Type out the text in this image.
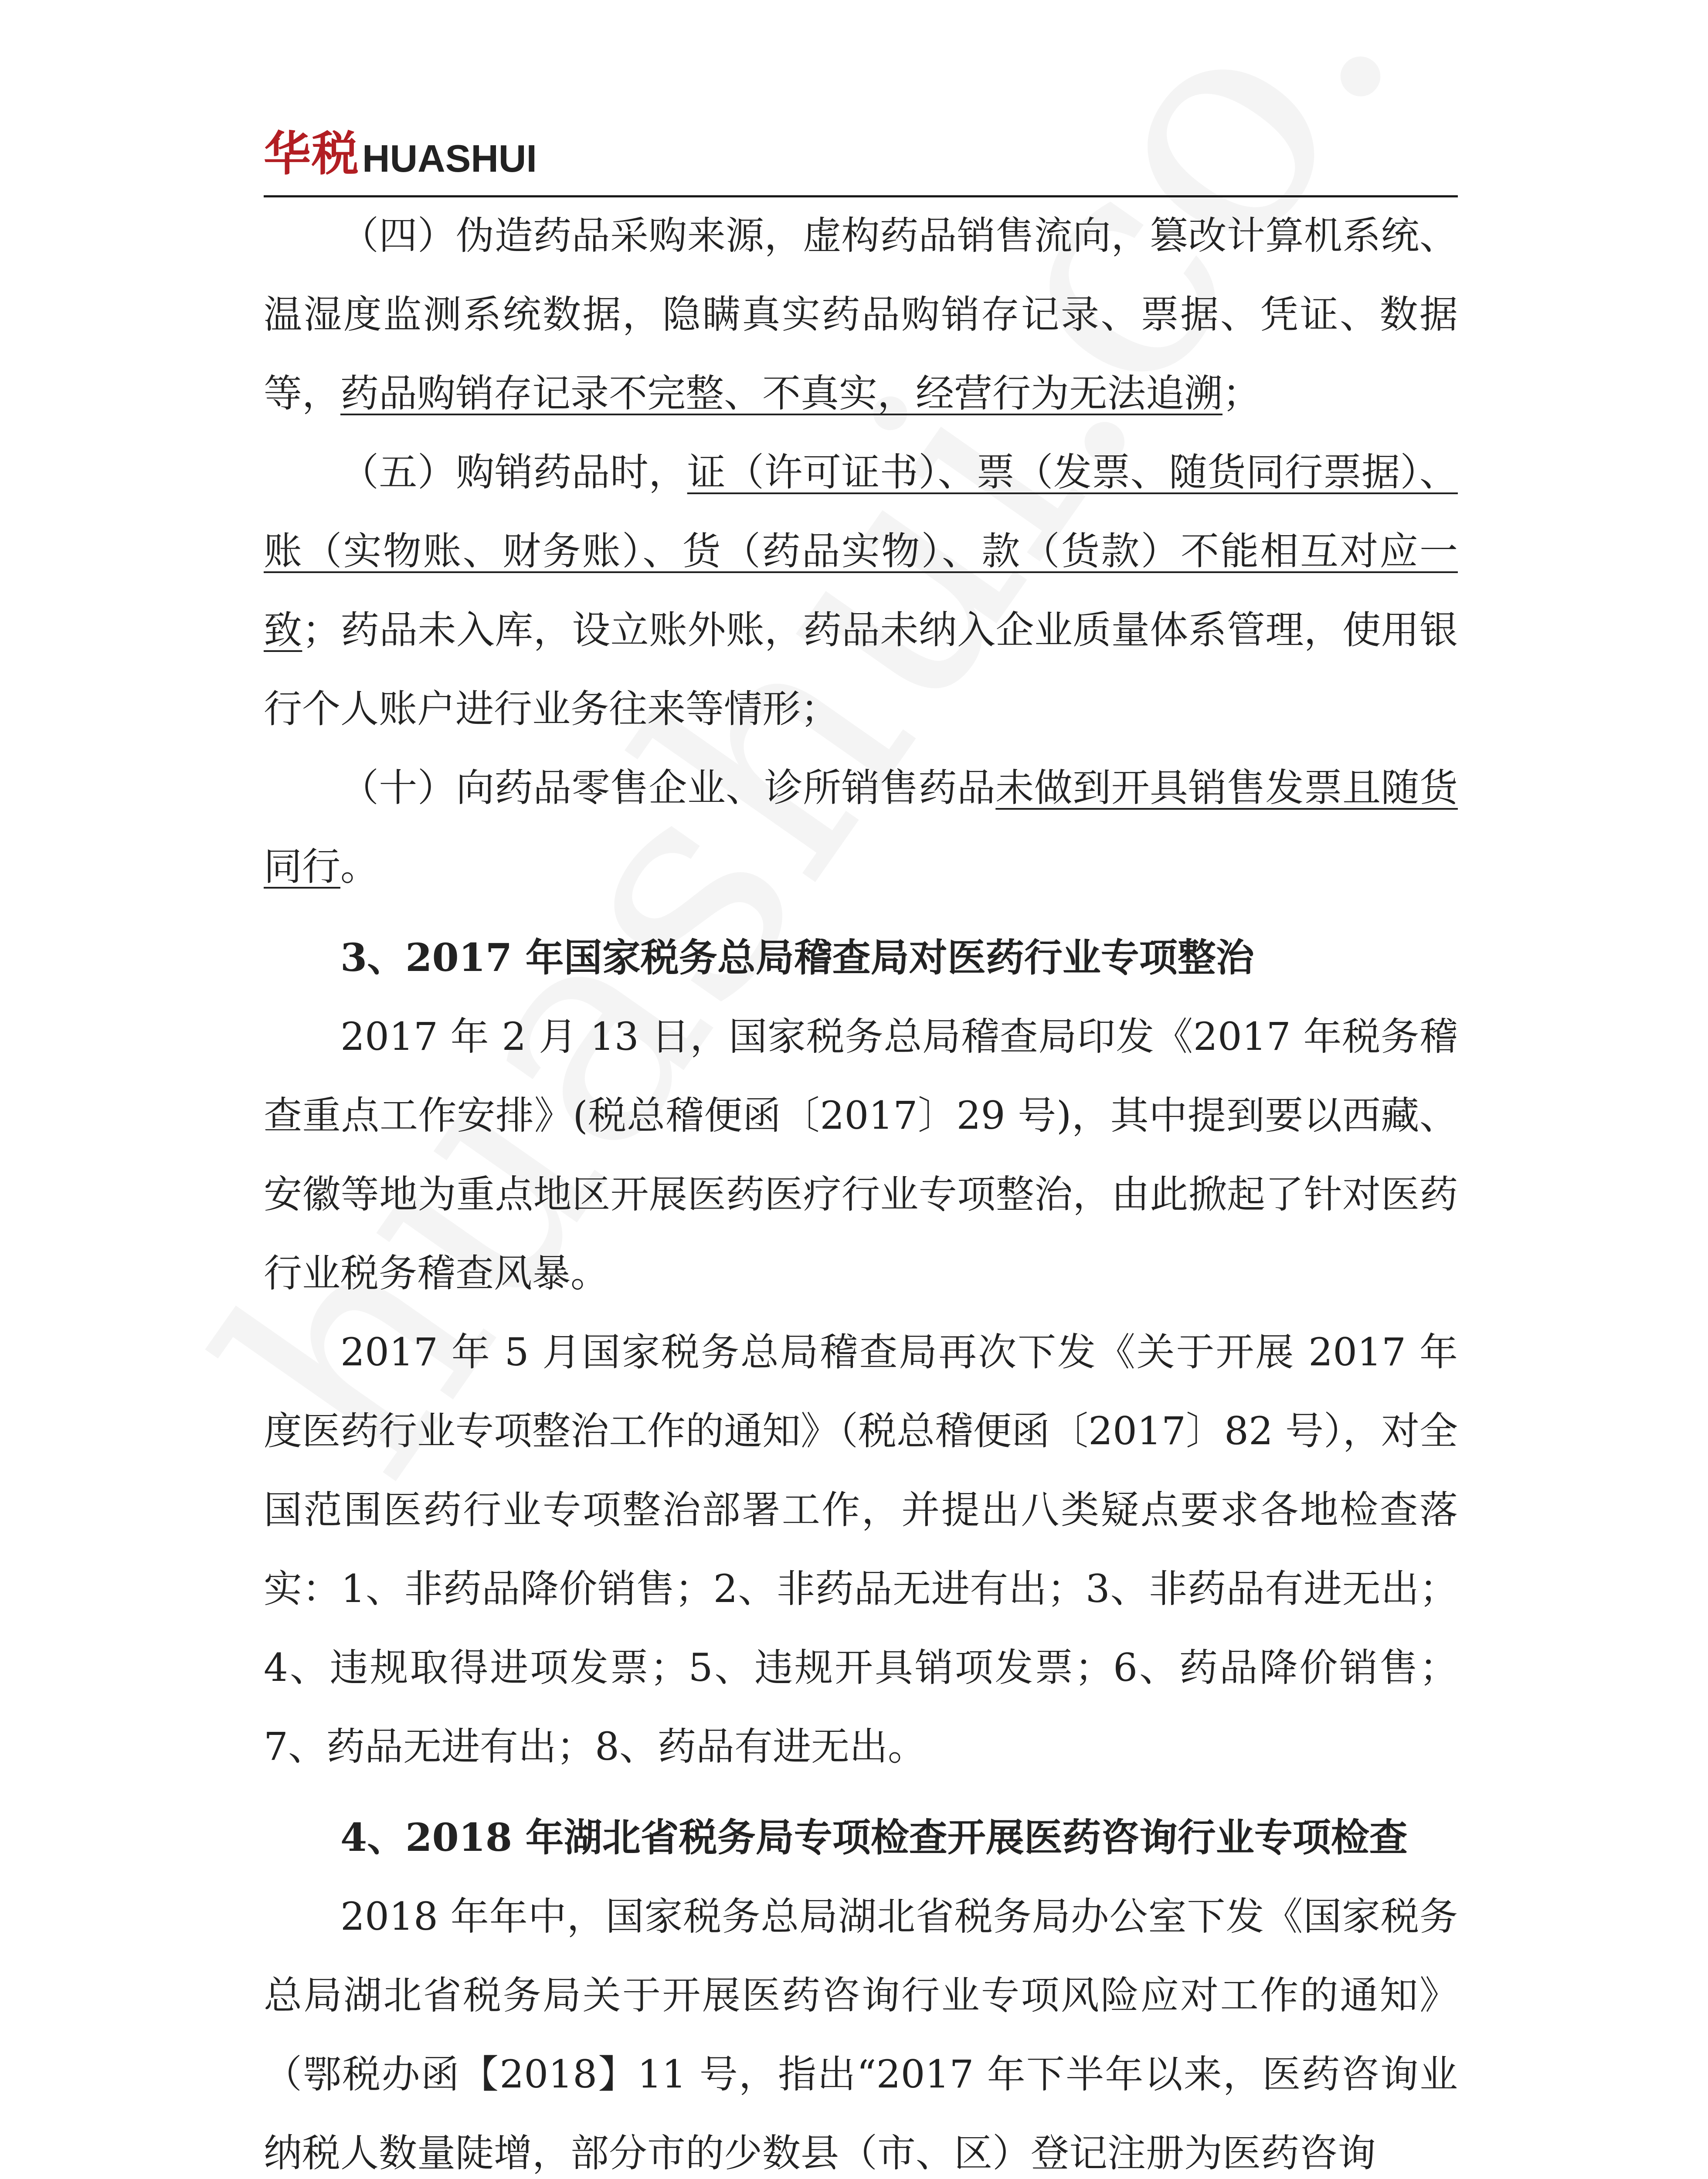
华税 HUASHUI

（四）伪造药品采购来源，虚构药品销售流向，篡改计算机系统、温湿度监测系统数据，隐瞒真实药品购销存记录、票据、凭证、数据等，药品购销存记录不完整、不真实，经营行为无法追溯；

（五）购销药品时，证（许可证书）、票（发票、随货同行票据）、账（实物账、财务账）、货（药品实物）、款（货款）不能相互对应一致；药品未入库，设立账外账，药品未纳入企业质量体系管理，使用银行个人账户进行业务往来等情形；

（十）向药品零售企业、诊所销售药品未做到开具销售发票且随货同行。

3、2017 年国家税务总局稽查局对医药行业专项整治

2017 年 2 月 13 日，国家税务总局稽查局印发《2017 年税务稽查重点工作安排》(税总稽便函〔2017〕29 号)，其中提到要以西藏、安徽等地为重点地区开展医药医疗行业专项整治，由此掀起了针对医药行业税务稽查风暴。

2017 年 5 月国家税务总局稽查局再次下发《关于开展 2017 年度医药行业专项整治工作的通知》（税总稽便函〔2017〕82 号），对全国范围医药行业专项整治部署工作，并提出八类疑点要求各地检查落实：1、非药品降价销售；2、非药品无进有出；3、非药品有进无出；4、违规取得进项发票；5、违规开具销项发票；6、药品降价销售；7、药品无进有出；8、药品有进无出。

4、2018 年湖北省税务局专项检查开展医药咨询行业专项检查

2018 年年中，国家税务总局湖北省税务局办公室下发《国家税务总局湖北省税务局关于开展医药咨询行业专项风险应对工作的通知》（鄂税办函【2018】11 号，指出“2017 年下半年以来，医药咨询业纳税人数量陡增，部分市的少数县（市、区）登记注册为医药咨询
